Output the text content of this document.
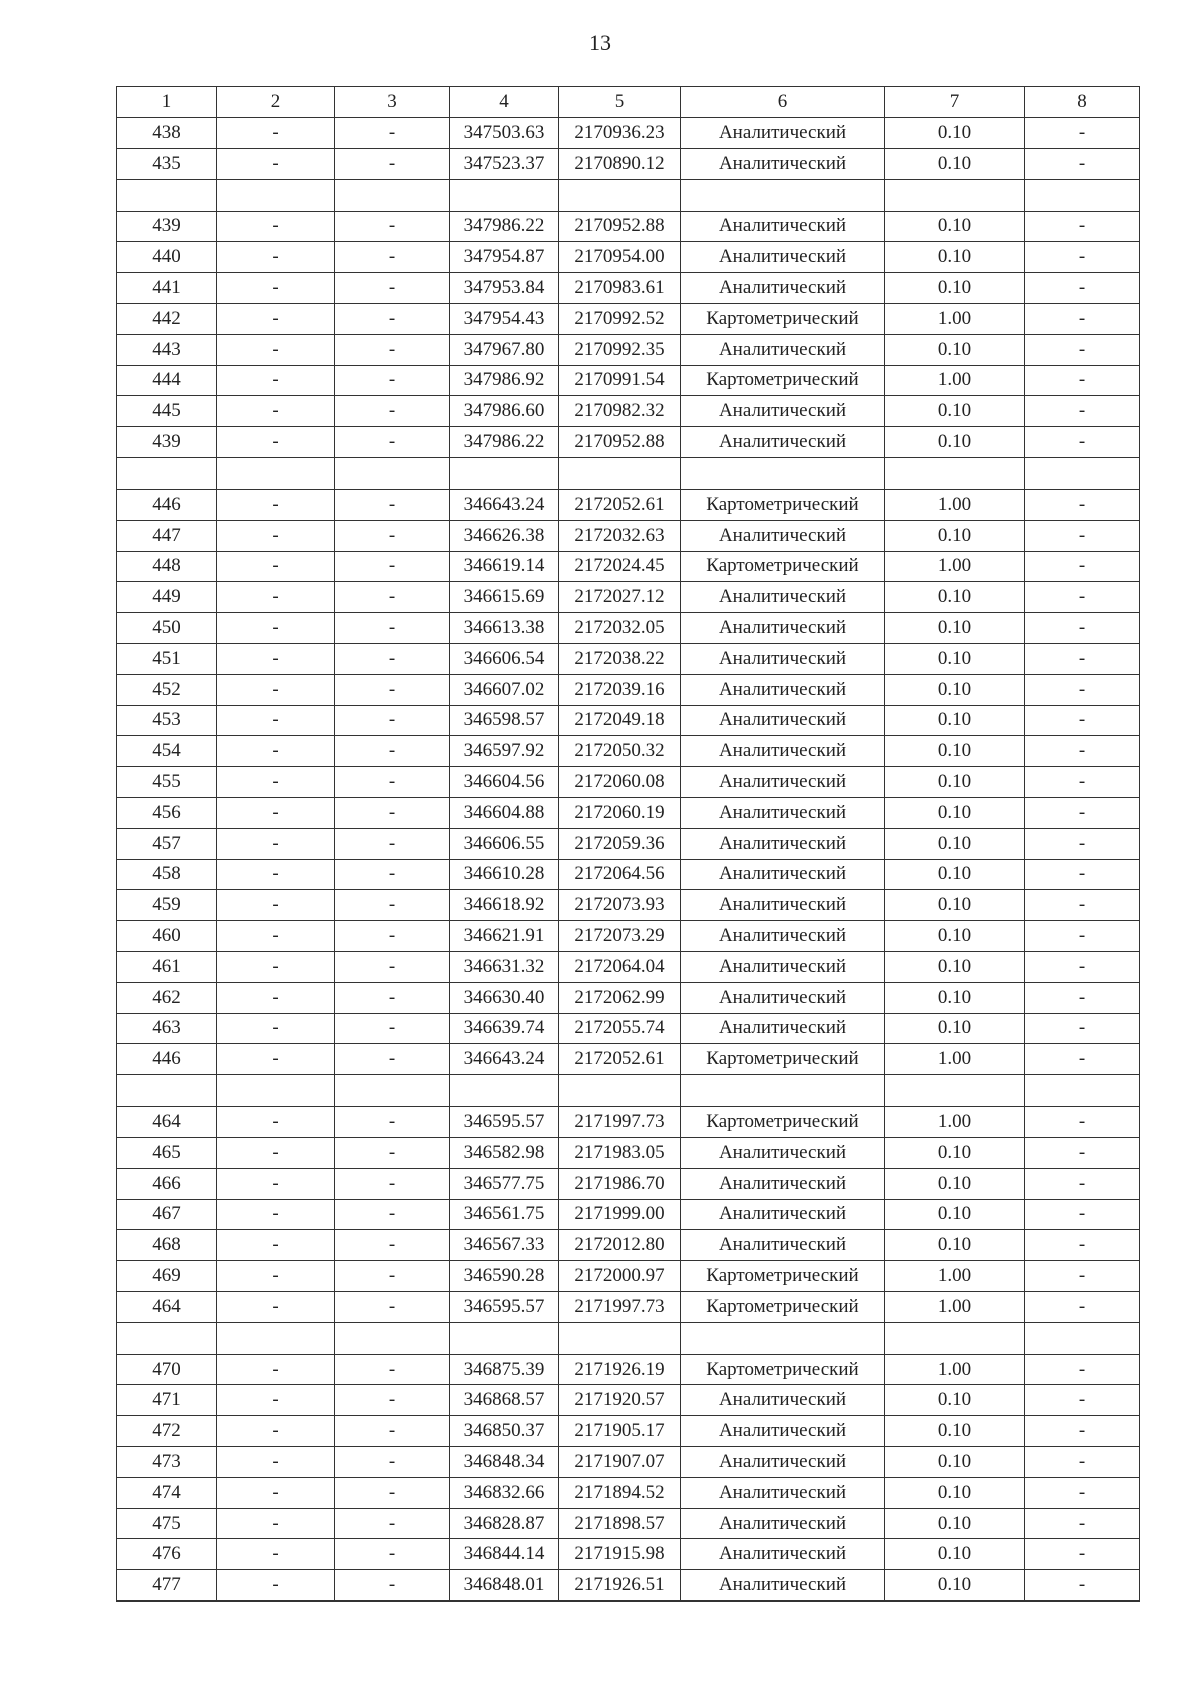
13
1	2	3	4	5	6	7	8
438	-	-	347503.63	2170936.23	Аналитический	0.10	-
435	-	-	347523.37	2170890.12	Аналитический	0.10	-

439	-	-	347986.22	2170952.88	Аналитический	0.10	-
440	-	-	347954.87	2170954.00	Аналитический	0.10	-
441	-	-	347953.84	2170983.61	Аналитический	0.10	-
442	-	-	347954.43	2170992.52	Картометрический	1.00	-
443	-	-	347967.80	2170992.35	Аналитический	0.10	-
444	-	-	347986.92	2170991.54	Картометрический	1.00	-
445	-	-	347986.60	2170982.32	Аналитический	0.10	-
439	-	-	347986.22	2170952.88	Аналитический	0.10	-

446	-	-	346643.24	2172052.61	Картометрический	1.00	-
447	-	-	346626.38	2172032.63	Аналитический	0.10	-
448	-	-	346619.14	2172024.45	Картометрический	1.00	-
449	-	-	346615.69	2172027.12	Аналитический	0.10	-
450	-	-	346613.38	2172032.05	Аналитический	0.10	-
451	-	-	346606.54	2172038.22	Аналитический	0.10	-
452	-	-	346607.02	2172039.16	Аналитический	0.10	-
453	-	-	346598.57	2172049.18	Аналитический	0.10	-
454	-	-	346597.92	2172050.32	Аналитический	0.10	-
455	-	-	346604.56	2172060.08	Аналитический	0.10	-
456	-	-	346604.88	2172060.19	Аналитический	0.10	-
457	-	-	346606.55	2172059.36	Аналитический	0.10	-
458	-	-	346610.28	2172064.56	Аналитический	0.10	-
459	-	-	346618.92	2172073.93	Аналитический	0.10	-
460	-	-	346621.91	2172073.29	Аналитический	0.10	-
461	-	-	346631.32	2172064.04	Аналитический	0.10	-
462	-	-	346630.40	2172062.99	Аналитический	0.10	-
463	-	-	346639.74	2172055.74	Аналитический	0.10	-
446	-	-	346643.24	2172052.61	Картометрический	1.00	-

464	-	-	346595.57	2171997.73	Картометрический	1.00	-
465	-	-	346582.98	2171983.05	Аналитический	0.10	-
466	-	-	346577.75	2171986.70	Аналитический	0.10	-
467	-	-	346561.75	2171999.00	Аналитический	0.10	-
468	-	-	346567.33	2172012.80	Аналитический	0.10	-
469	-	-	346590.28	2172000.97	Картометрический	1.00	-
464	-	-	346595.57	2171997.73	Картометрический	1.00	-

470	-	-	346875.39	2171926.19	Картометрический	1.00	-
471	-	-	346868.57	2171920.57	Аналитический	0.10	-
472	-	-	346850.37	2171905.17	Аналитический	0.10	-
473	-	-	346848.34	2171907.07	Аналитический	0.10	-
474	-	-	346832.66	2171894.52	Аналитический	0.10	-
475	-	-	346828.87	2171898.57	Аналитический	0.10	-
476	-	-	346844.14	2171915.98	Аналитический	0.10	-
477	-	-	346848.01	2171926.51	Аналитический	0.10	-
